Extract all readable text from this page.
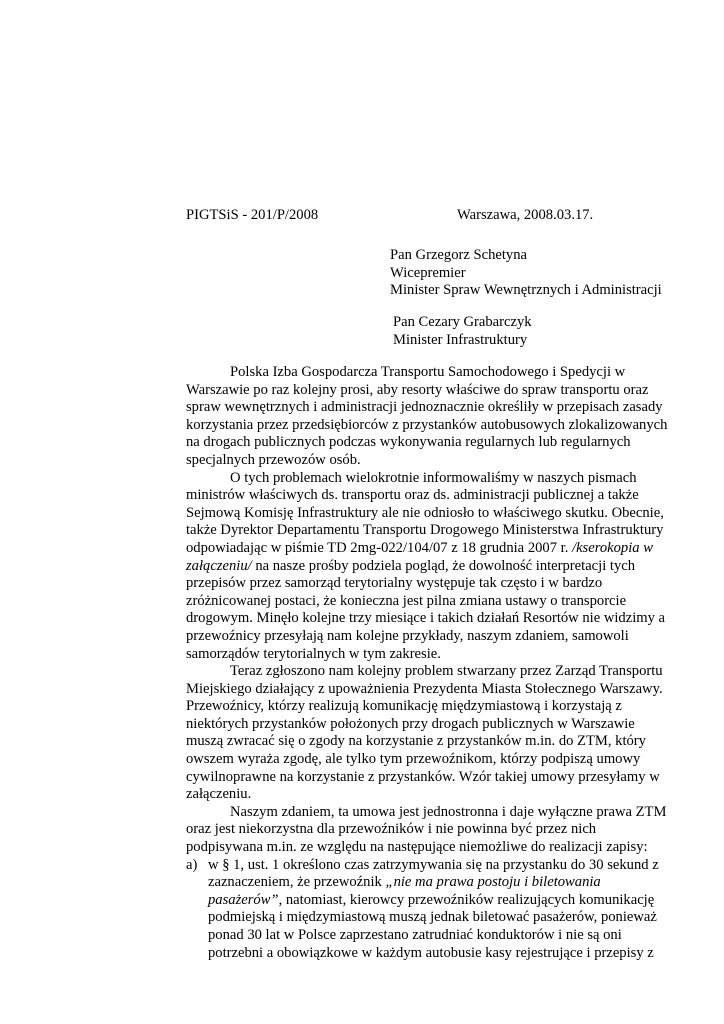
PIGTSiS - 201/P/2008	Warszawa, 2008.03.17.
Pan Grzegorz Schetyna
Wicepremier
Minister Spraw Wewnętrznych i Administracji
Pan Cezary Grabarczyk
Minister Infrastruktury
Polska Izba Gospodarcza Transportu Samochodowego i Spedycji w
Warszawie po raz kolejny prosi, aby resorty właściwe do spraw transportu oraz
spraw wewnętrznych i administracji jednoznacznie określiły w przepisach zasady
korzystania przez przedsiębiorców z przystanków autobusowych zlokalizowanych
na drogach publicznych podczas wykonywania regularnych lub regularnych
specjalnych przewozów osób.
O tych problemach wielokrotnie informowaliśmy w naszych pismach
ministrów właściwych ds. transportu oraz ds. administracji publicznej a także
Sejmową Komisję Infrastruktury ale nie odniosło to właściwego skutku. Obecnie,
także Dyrektor Departamentu Transportu Drogowego Ministerstwa Infrastruktury
odpowiadając w piśmie TD 2mg-022/104/07 z 18 grudnia 2007 r. /kserokopia w
załączeniu/ na nasze prośby podziela pogląd, że dowolność interpretacji tych
przepisów przez samorząd terytorialny występuje tak często i w bardzo
zróżnicowanej postaci, że konieczna jest pilna zmiana ustawy o transporcie
drogowym. Minęło kolejne trzy miesiące i takich działań Resortów nie widzimy a
przewoźnicy przesyłają nam kolejne przykłady, naszym zdaniem, samowoli
samorządów terytorialnych w tym zakresie.
Teraz zgłoszono nam kolejny problem stwarzany przez Zarząd Transportu
Miejskiego działający z upoważnienia Prezydenta Miasta Stołecznego Warszawy.
Przewoźnicy, którzy realizują komunikację międzymiastową i korzystają z
niektórych przystanków położonych przy drogach publicznych w Warszawie
muszą zwracać się o zgody na korzystanie z przystanków m.in. do ZTM, który
owszem wyraża zgodę, ale tylko tym przewoźnikom, którzy podpiszą umowy
cywilnoprawne na korzystanie z przystanków. Wzór takiej umowy przesyłamy w
załączeniu.
Naszym zdaniem, ta umowa jest jednostronna i daje wyłączne prawa ZTM
oraz jest niekorzystna dla przewoźników i nie powinna być przez nich
podpisywana m.in. ze względu na następujące niemożliwe do realizacji zapisy:
a) w § 1, ust. 1 określono czas zatrzymywania się na przystanku do 30 sekund z
zaznaczeniem, że przewoźnik „nie ma prawa postoju i biletowania
pasażerów”, natomiast, kierowcy przewoźników realizujących komunikację
podmiejską i międzymiastową muszą jednak biletować pasażerów, ponieważ
ponad 30 lat w Polsce zaprzestano zatrudniać konduktorów i nie są oni
potrzebni a obowiązkowe w każdym autobusie kasy rejestrujące i przepisy z
